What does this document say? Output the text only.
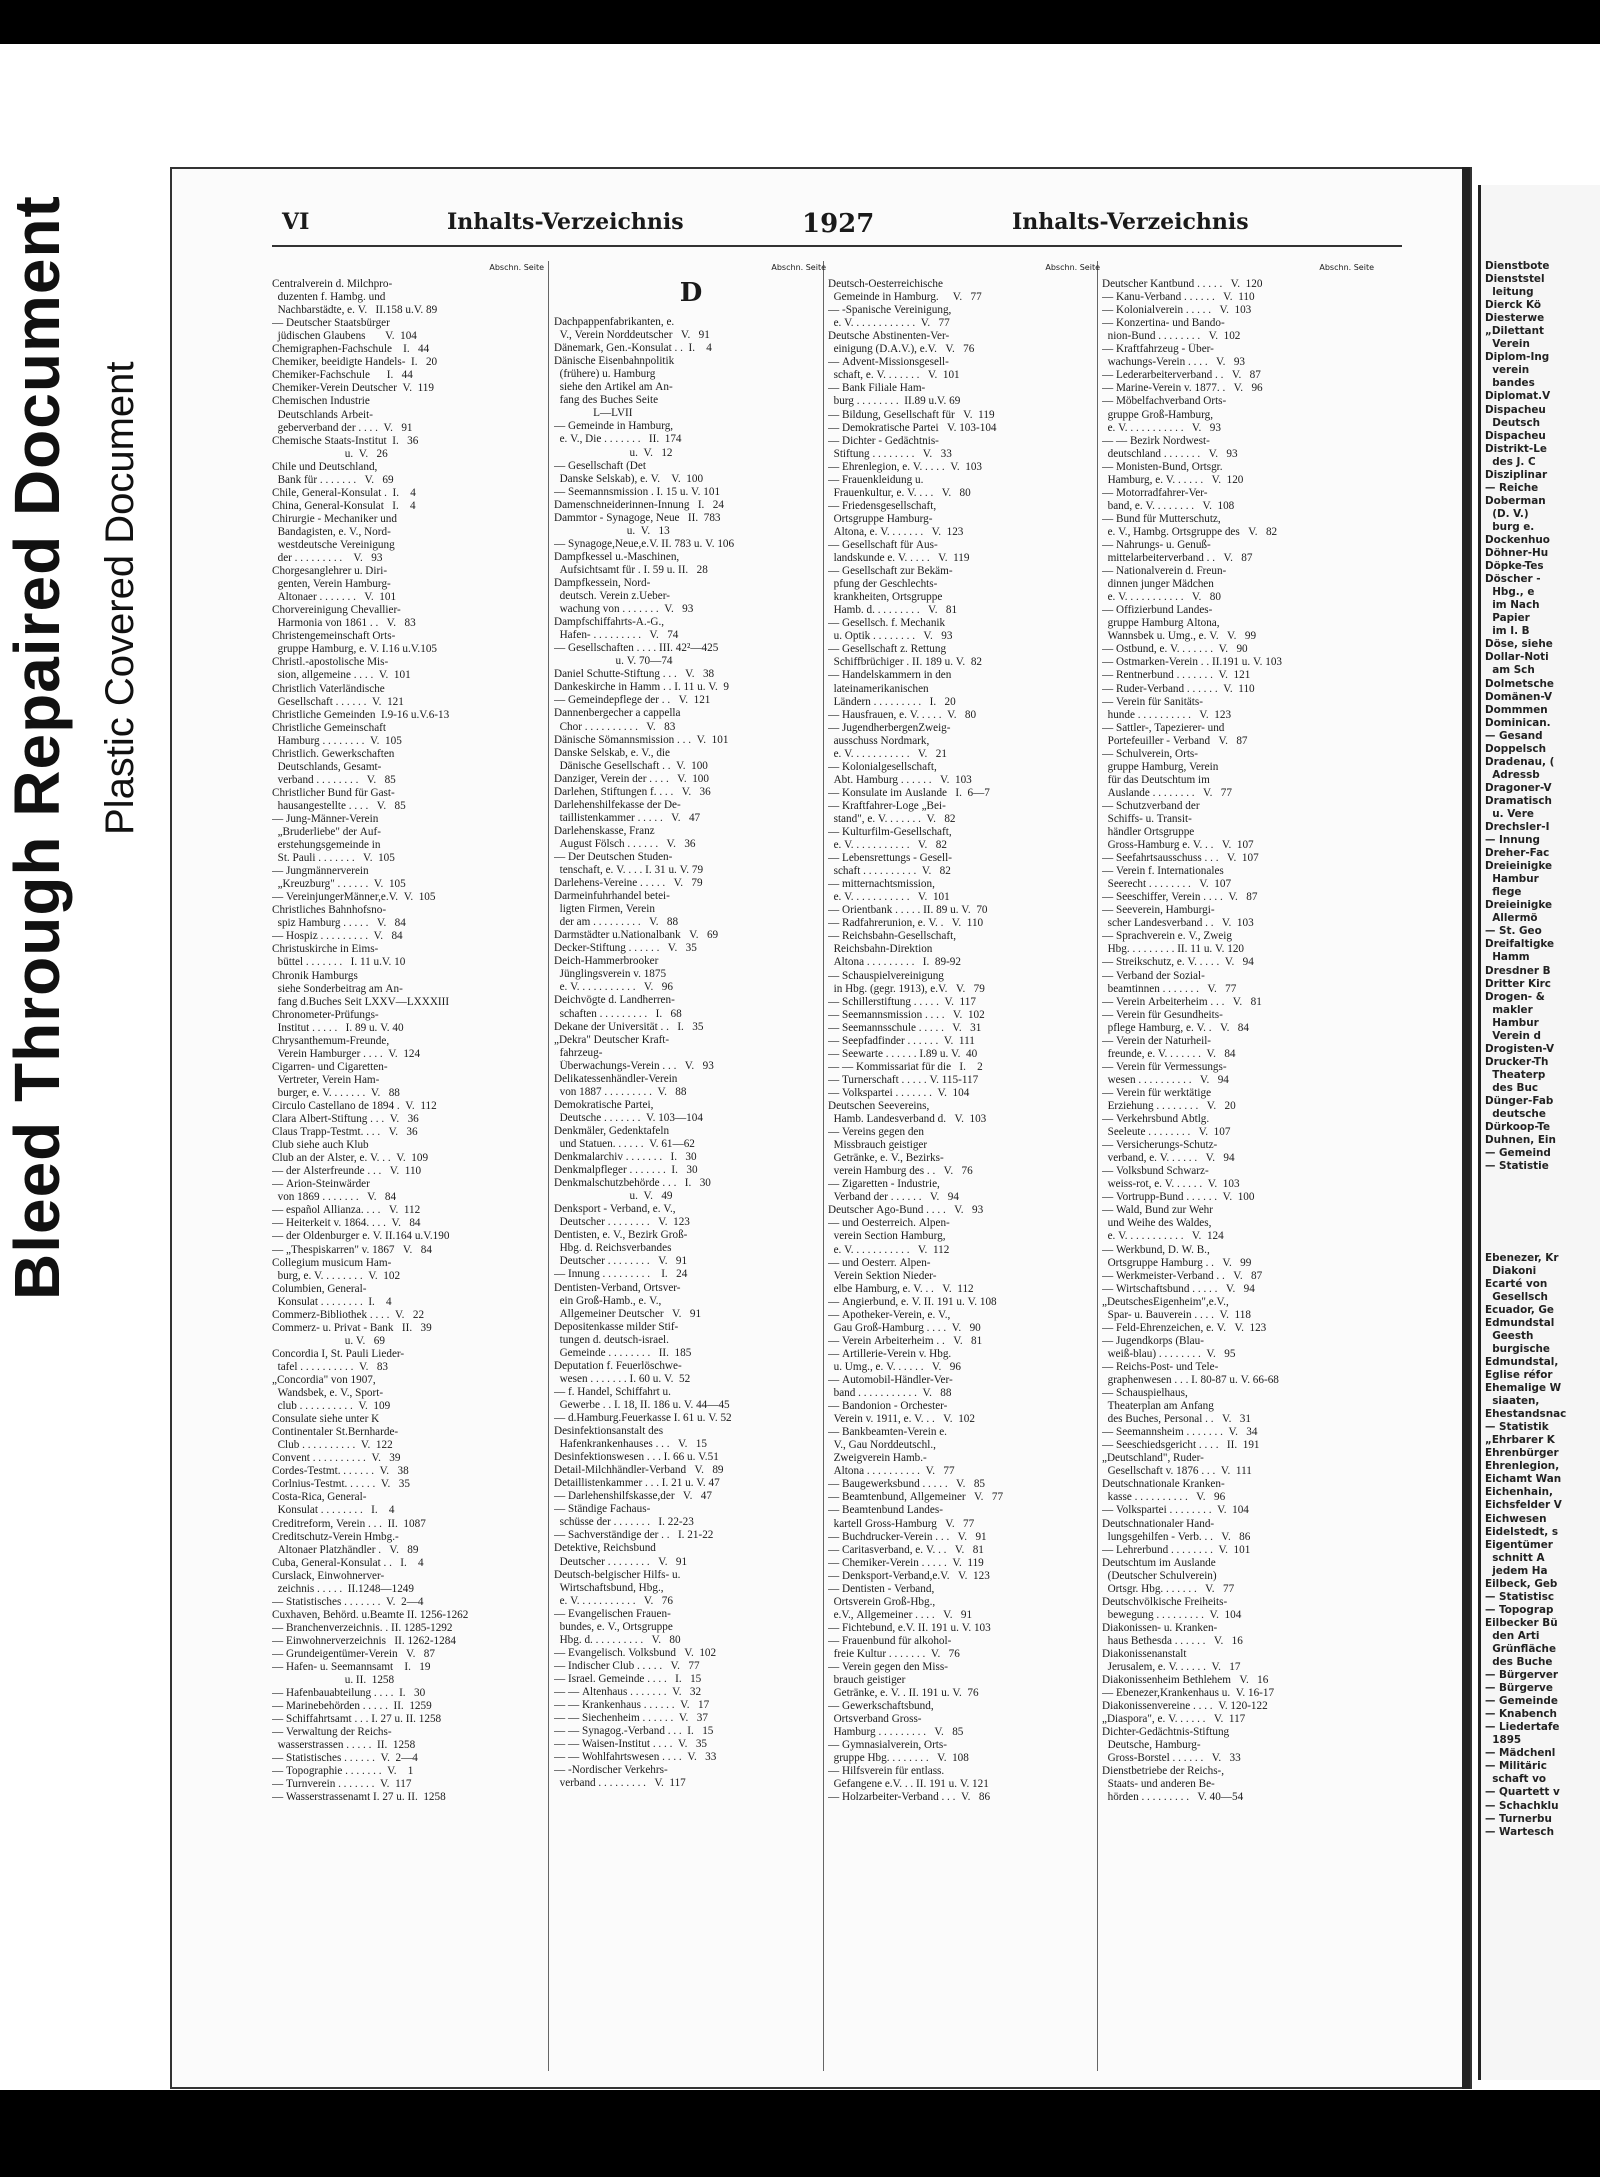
Bleed Through Repaired Document Plastic Covered Document
Dienstbote
Dienststel
leitung
Dierck Kö
Diesterwe
„Dilettant
Verein
Diplom-Ing
verein
bandes
Diplomat.V
Dispacheu
Deutsch
Dispacheu
Distrikt-Le
des J. C
Disziplinar
— Reiche
Doberman
(D. V.)
burg e.
Dockenhuo
Döhner-Hu
Döpke-Tes
Döscher -
Hbg., e
im Nach
Papier
im I. B
Döse, siehe
Dollar-Noti
am Sch
Dolmetsche
Domänen-V
Dommmen
Dominican.
— Gesand
Doppelsch
Dradenau, (
Adressb
Dragoner-V
Dramatisch
u. Vere
Drechsler-I
— Innung
Dreher-Fac
Dreieinigke
Hambur
flege
Dreieinigke
Allermö
— St. Geo
Dreifaltigke
Hamm
Dresdner B
Dritter Kirc
Drogen- &
makler
Hambur
Verein d
Drogisten-V
Drucker-Th
Theaterp
des Buc
Dünger-Fab
deutsche
Dürkoop-Te
Duhnen, Ein
— Gemeind
— Statistie

Ebenezer, Kr
Diakoni
Ecarté von
Gesellsch
Ecuador, Ge
Edmundstal
Geesth
burgische
Edmundstal,
Eglise réfor
Ehemalige W
siaaten,
Ehestandsnac
— Statistik
„Ehrbarer K
Ehrenbürger
Ehrenlegion,
Eichamt Wan
Eichenhain,
Eichsfelder V
Eichwesen
Eidelstedt, s
Eigentümer
schnitt A
jedem Ha
Eilbeck, Geb
— Statistisc
— Topograp
Eilbecker Bü
den Arti
Grünfläche
des Buche
— Bürgerver
— Bürgerve
— Gemeinde
— Knabench
— Liedertafe
1895
— Mädchenl
— Militäric
schaft vo
— Quartett v
— Schachklu
— Turnerbu
— Wartesch
VI	Inhalts-Verzeichnis	1927	Inhalts-Verzeichnis
Abschn. Seite
Centralverein d. Milchpro-
duzenten f. Hambg. und
Nachbarstädte, e. V.   II.158 u.V. 89
— Deutscher Staatsbürger
jüdischen Glaubens       V.  104
Chemigraphen-Fachschule    I.   44
Chemiker, beeidigte Handels-  I.   20
Chemiker-Fachschule      I.   44
Chemiker-Verein Deutscher  V.  119
Chemischen Industrie
Deutschlands Arbeit-
geberverband der . . . .  V.   91
Chemische Staats-Institut  I.   36
u.  V.   26
Chile und Deutschland,
Bank für . . . . . . .   V.   69
Chile, General-Konsulat .  I.    4
China, General-Konsulat   I.    4
Chirurgie - Mechaniker und
Bandagisten, e. V., Nord-
westdeutsche Vereinigung
der . . . . . . . . .    V.   93
Chorgesanglehrer u. Diri-
genten, Verein Hamburg-
Altonaer . . . . . . .   V.  101
Chorvereinigung Chevallier-
Harmonia von 1861 . .   V.   83
Christengemeinschaft Orts-
gruppe Hamburg, e. V. I.16 u.V.105
Christl.-apostolische Mis-
sion, allgemeine . . . .  V.  101
Christlich Vaterländische
Gesellschaft . . . . . .  V.  121
Christliche Gemeinden  I.9-16 u.V.6-13
Christliche Gemeinschaft
Hamburg . . . . . . . .  V.  105
Christlich. Gewerkschaften
Deutschlands, Gesamt-
verband . . . . . . . .   V.   85
Christlicher Bund für Gast-
hausangestellte . . . .   V.   85
— Jung-Männer-Verein
„Bruderliebe" der Auf-
erstehungsgemeinde in
St. Pauli . . . . . . .   V.  105
— Jungmännerverein
„Kreuzburg" . . . . . .  V.  105
— VereinjungerMänner,e.V.  V.  105
Christliches Bahnhofsno-
spiz Hamburg . . . . .   V.   84
— Hospiz . . . . . . . . .  V.   84
Christuskirche in Eims-
büttel . . . . . . .   I. 11 u.V. 10
Chronik Hamburgs
siehe Sonderbeitrag am An-
fang d.Buches Seit LXXV—LXXXIII
Chronometer-Prüfungs-
Institut . . . . .   I. 89 u. V. 40
Chrysanthemum-Freunde,
Verein Hamburger . . . .  V.  124
Cigarren- und Cigaretten-
Vertreter, Verein Ham-
burger, e. V. . . . . . .  V.   88
Circulo Castellano de 1894 .  V.  112
Clara Albert-Stiftung . . .  V.   36
Claus Trapp-Testmt. . . .   V.   36
Club siehe auch Klub
Club an der Alster, e. V. . .  V.  109
— der Alsterfreunde . . .   V.  110
— Arion-Steinwärder
von 1869 . . . . . . .   V.   84
— español Allianza. . . .   V.  112
— Heiterkeit v. 1864. . . .  V.   84
— der Oldenburger e. V. II.164 u.V.190
— „Thespiskarren" v. 1867   V.   84
Collegium musicum Ham-
burg, e. V. . . . . . . .  V.  102
Columbien, General-
Konsulat . . . . . . . .  I.    4
Commerz-Bibliothek . . . .  V.   22
Commerz- u. Privat - Bank   II.   39
u. V.   69
Concordia I, St. Pauli Lieder-
tafel . . . . . . . . . .  V.   83
„Concordia" von 1907,
Wandsbek, e. V., Sport-
club . . . . . . . . . .  V.  109
Consulate siehe unter K
Continentaler St.Bernharde-
Club . . . . . . . . . .  V.  122
Convent . . . . . . . . . .  V.   39
Cordes-Testmt. . . . . . .  V.   38
Corlnius-Testmt. . . . . .  V.   35
Costa-Rica, General-
Konsulat . . . . . . . .   I.    4
Creditreform, Verein . . .  II.  1087
Creditschutz-Verein Hmbg.-
Altonaer Platzhändler .   V.   89
Cuba, General-Konsulat . .   I.    4
Curslack, Einwohnerver-
zeichnis . . . . .  II.1248—1249
— Statistisches . . . . . . .  V.  2—4
Cuxhaven, Behörd. u.Beamte II. 1256-1262
— Branchenverzeichnis. . II. 1285-1292
— Einwohnerverzeichnis   II. 1262-1284
— Grundeigentümer-Verein   V.   87
— Hafen- u. Seemannsamt    I.   19
u. II.  1258
— Hafenbauabteilung . . . .  I.   30
— Marinebehörden . . . . .  II.  1259
— Schiffahrtsamt . . . I. 27 u. II. 1258
— Verwaltung der Reichs-
wasserstrassen . . . . .  II.  1258
— Statistisches . . . . . .  V.  2—4
— Topographie . . . . . . .  V.    1
— Turnverein . . . . . . .  V.  117
— Wasserstrassenamt I. 27 u. II.  1258
Abschn. Seite
D
Dachpappenfabrikanten, e.
V., Verein Norddeutscher   V.   91
Dänemark, Gen.-Konsulat . .  I.    4
Dänische Eisenbahnpolitik
(frühere) u. Hamburg
siehe den Artikel am An-
fang des Buches Seite
L—LVII
— Gemeinde in Hamburg,
e. V., Die . . . . . . .   II.  174
u.  V.   12
— Gesellschaft (Det
Danske Selskab), e. V.    V.  100
— Seemannsmission . I. 15 u. V. 101
Damenschneiderinnen-Innung   I.   24
Dammtor - Synagoge, Neue   II.  783
u.  V.   13
— Synagoge,Neue,e.V. II. 783 u. V. 106
Dampfkessel u.-Maschinen,
Aufsichtsamt für . I. 59 u. II.   28
Dampfkessein, Nord-
deutsch. Verein z.Ueber-
wachung von . . . . . . .  V.   93
Dampfschiffahrts-A.-G.,
Hafen- . . . . . . . . .   V.   74
— Gesellschaften . . . . III. 42²—425
u. V. 70—74
Daniel Schutte-Stiftung . . .   V.   38
Dankeskirche in Hamm . . I. 11 u. V.  9
— Gemeindepflege der . .   V.  121
Dannenbergecher a cappella
Chor . . . . . . . . . .   V.   83
Dänische Sömannsmission . . .  V.  101
Danske Selskab, e. V., die
Dänische Gesellschaft . .  V.  100
Danziger, Verein der . . . .   V.  100
Darlehen, Stiftungen f. . . .   V.   36
Darlehenshilfekasse der De-
taillistenkammer . . . . .   V.   47
Darlehenskasse, Franz
August Fölsch . . . . . .   V.   36
— Der Deutschen Studen-
tenschaft, e. V. . . . I. 31 u. V. 79
Darlehens-Vereine . . . . .   V.   79
Darmeinfuhrhandel betei-
ligten Firmen, Verein
der am . . . . . . . . .   V.   88
Darmstädter u.Nationalbank   V.   69
Decker-Stiftung . . . . . .   V.   35
Deich-Hammerbrooker
Jünglingsverein v. 1875
e. V. . . . . . . . . . .   V.   96
Deichvögte d. Landherren-
schaften . . . . . . . . .   I.   68
Dekane der Universität . .   I.   35
„Dekra" Deutscher Kraft-
fahrzeug-
Überwachungs-Verein . . .   V.   93
Delikatessenhändler-Verein
von 1887 . . . . . . . . .  V.   88
Demokratische Partei,
Deutsche . . . . . . .  V. 103—104
Denkmäler, Gedenktafeln
und Statuen. . . . . .  V. 61—62
Denkmalarchiv . . . . . . .   I.   30
Denkmalpfleger . . . . . . .  I.   30
Denkmalschutzbehörde . . .   I.   30
u.  V.   49
Denksport - Verband, e. V.,
Deutscher . . . . . . . .   V.  123
Dentisten, e. V., Bezirk Groß-
Hbg. d. Reichsverbandes
Deutscher . . . . . . . .   V.   91
— Innung . . . . . . . . .    I.   24
Dentisten-Verband, Ortsver-
ein Groß-Hamb., e. V.,
Allgemeiner Deutscher   V.   91
Depositenkasse milder Stif-
tungen d. deutsch-israel.
Gemeinde . . . . . . . .   II.  185
Deputation f. Feuerlöschwe-
wesen . . . . . . . I. 60 u. V.  52
— f. Handel, Schiffahrt u.
Gewerbe . . I. 18, II. 186 u. V. 44—45
— d.Hamburg.Feuerkasse I. 61 u. V. 52
Desinfektionsanstalt des
Hafenkrankenhauses . . .   V.   15
Desinfektionswesen . . . I. 66 u. V.51
Detail-Milchhändler-Verband   V.   89
Detaillistenkammer . . . I. 21 u. V. 47
— Darlehenshilfskasse,der   V.   47
— Ständige Fachaus-
schüsse der . . . . . . .   I. 22-23
— Sachverständige der . .   I. 21-22
Detektive, Reichsbund
Deutscher . . . . . . . .   V.   91
Deutsch-belgischer Hilfs- u.
Wirtschaftsbund, Hbg.,
e. V. . . . . . . . . . .   V.   76
— Evangelischen Frauen-
bundes, e. V., Ortsgruppe
Hbg. d. . . . . . . . . .   V.   80
— Evangelisch. Volksbund   V.  102
— Indischer Club . . . . .   V.   77
— Israel. Gemeinde . . . .   I.   15
— — Altenhaus . . . . . . .  V.   32
— — Krankenhaus . . . . . .  V.   17
— — Siechenheim . . . . . .  V.   37
— — Synagog.-Verband . . .  I.   15
— — Waisen-Institut . . . .  V.   35
— — Wohlfahrtswesen . . . .  V.   33
— -Nordischer Verkehrs-
verband . . . . . . . . .   V.  117
Abschn. Seite
Deutsch-Oesterreichische
Gemeinde in Hamburg.     V.   77
— -Spanische Vereinigung,
e. V. . . . . . . . . . . .  V.   77
Deutsche Abstinenten-Ver-
einigung (D.A.V.), e.V.   V.   76
— Advent-Missionsgesell-
schaft, e. V. . . . . . .   V.  101
— Bank Filiale Ham-
burg . . . . . . . .  II.89 u.V. 69
— Bildung, Gesellschaft für   V.  119
— Demokratische Partei   V. 103-104
— Dichter - Gedächtnis-
Stiftung . . . . . . . .   V.   33
— Ehrenlegion, e. V. . . . .  V.  103
— Frauenkleidung u.
Frauenkultur, e. V. . . .   V.   80
— Friedensgesellschaft,
Ortsgruppe Hamburg-
Altona, e. V. . . . . . .   V.  123
— Gesellschaft für Aus-
landskunde e. V. . . . .   V.  119
— Gesellschaft zur Bekäm-
pfung der Geschlechts-
krankheiten, Ortsgruppe
Hamb. d. . . . . . . . .   V.   81
— Gesellsch. f. Mechanik
u. Optik . . . . . . . .   V.   93
— Gesellschaft z. Rettung
Schiffbrüchiger . II. 189 u. V.  82
— Handelskammern in den
lateinamerikanischen
Ländern . . . . . . . . .   I.   20
— Hausfrauen, e. V. . . . .  V.   80
— JugendherbergenZweig-
ausschuss Nordmark,
e. V. . . . . . . . . . .   V.   21
— Kolonialgesellschaft,
Abt. Hamburg . . . . . .   V.  103
— Konsulate im Auslande   I.  6—7
— Kraftfahrer-Loge „Bei-
stand", e. V. . . . . . .  V.   82
— Kulturfilm-Gesellschaft,
e. V. . . . . . . . . . .   V.   82
— Lebensrettungs - Gesell-
schaft . . . . . . . . . .  V.   82
— mitternachtsmission,
e. V. . . . . . . . . . .   V.  101
— Orientbank . . . . . II. 89 u. V.  70
— Radfahrerunion, e. V. .   V.  110
— Reichsbahn-Gesellschaft,
Reichsbahn-Direktion
Altona . . . . . . . . .   I.  89-92
— Schauspielvereinigung
in Hbg. (gegr. 1913), e.V.   V.   79
— Schillerstiftung . . . . .  V.  117
— Seemannsmission . . . .   V.  102
— Seemannsschule . . . . .   V.   31
— Seepfadfinder . . . . . .  V.  111
— Seewarte . . . . . . I.89 u. V.  40
— — Kommissariat für die   I.    2
— Turnerschaft . . . . . V. 115-117
— Volkspartei . . . . . . .  V.  104
Deutschen Seevereins,
Hamb. Landesverband d.   V.  103
— Vereins gegen den
Missbrauch geistiger
Getränke, e. V., Bezirks-
verein Hamburg des . .   V.   76
— Zigaretten - Industrie,
Verband der . . . . . .   V.   94
Deutscher Ago-Bund . . . .   V.   93
— und Oesterreich. Alpen-
verein Section Hamburg,
e. V. . . . . . . . . . .   V.  112
— und Oesterr. Alpen-
Verein Sektion Nieder-
elbe Hamburg, e. V. . .   V.  112
— Angierbund, e. V. II. 191 u. V. 108
— Apotheker-Verein, e. V.,
Gau Groß-Hamburg . . . .  V.   90
— Verein Arbeiterheim . .   V.   81
— Artillerie-Verein v. Hbg.
u. Umg., e. V. . . . . .   V.   96
— Automobil-Händler-Ver-
band . . . . . . . . . . .  V.   88
— Bandonion - Orchester-
Verein v. 1911, e. V. . .   V.  102
— Bankbeamten-Verein e.
V., Gau Norddeutschl.,
Zweigverein Hamb.-
Altona . . . . . . . . . .  V.   77
— Baugewerksbund . . . . .   V.   85
— Beamtenbund, Allgemeiner   V.   77
— Beamtenbund Landes-
kartell Gross-Hamburg   V.   77
— Buchdrucker-Verein . . .   V.   91
— Caritasverband, e. V. . .   V.   81
— Chemiker-Verein . . . . .  V.  119
— Denksport-Verband,e.V.   V.  123
— Dentisten - Verband,
Ortsverein Groß-Hbg.,
e.V., Allgemeiner . . . .   V.   91
— Fichtebund, e.V. II. 191 u. V. 103
— Frauenbund für alkohol-
freie Kultur . . . . . . .  V.   76
— Verein gegen den Miss-
brauch geistiger
Getränke, e. V. . II. 191 u. V.  76
— Gewerkschaftsbund,
Ortsverband Gross-
Hamburg . . . . . . . . .   V.   85
— Gymnasialverein, Orts-
gruppe Hbg. . . . . . . .   V.  108
— Hilfsverein für entlass.
Gefangene e.V. . . II. 191 u. V. 121
— Holzarbeiter-Verband . . .  V.   86
Abschn. Seite
Deutscher Kantbund . . . . .   V.  120
— Kanu-Verband . . . . . .   V.  110
— Kolonialverein . . . . .   V.  103
— Konzertina- und Bando-
nion-Bund . . . . . . . .   V.  102
— Kraftfahrzeug - Über-
wachungs-Verein . . . .   V.   93
— Lederarbeiterverband . .   V.   87
— Marine-Verein v. 1877. .   V.   96
— Möbelfachverband Orts-
gruppe Groß-Hamburg,
e. V. . . . . . . . . . .   V.   93
— — Bezirk Nordwest-
deutschland . . . . . . .   V.   93
— Monisten-Bund, Ortsgr.
Hamburg, e. V. . . . . .   V.  120
— Motorradfahrer-Ver-
band, e. V. . . . . . . .   V.  108
— Bund für Mutterschutz,
e. V., Hambg. Ortsgruppe des   V.   82
— Nahrungs- u. Genuß-
mittelarbeiterverband . .   V.   87
— Nationalverein d. Freun-
dinnen junger Mädchen
e. V. . . . . . . . . . .   V.   80
— Offizierbund Landes-
gruppe Hamburg Altona,
Wannsbek u. Umg., e. V.   V.   99
— Ostbund, e. V. . . . . . .  V.   90
— Ostmarken-Verein . . II.191 u. V. 103
— Rentnerbund . . . . . . .  V.  121
— Ruder-Verband . . . . . .  V.  110
— Verein für Sanitäts-
hunde . . . . . . . . . .   V.  123
— Sattler-, Tapezierer- und
Portefeuiller - Verband   V.   87
— Schulverein, Orts-
gruppe Hamburg, Verein
für das Deutschtum im
Auslande . . . . . . . .   V.   77
— Schutzverband der
Schiffs- u. Transit-
händler Ortsgruppe
Gross-Hamburg e. V. . .   V.  107
— Seefahrtsausschuss . . .   V.  107
— Verein f. Internationales
Seerecht . . . . . . . .   V.  107
— Seeschiffer, Verein . . . .  V.   87
— Seeverein, Hamburgi-
scher Landesverband . .   V.  103
— Sprachverein e. V., Zweig
Hbg. . . . . . . . . II. 11 u. V. 120
— Streikschutz, e. V. . . . .  V.   94
— Verband der Sozial-
beamtinnen . . . . . . .   V.   77
— Verein Arbeiterheim . . .   V.   81
— Verein für Gesundheits-
pflege Hamburg, e. V. .   V.   84
— Verein der Naturheil-
freunde, e. V. . . . . . .  V.   84
— Verein für Vermessungs-
wesen . . . . . . . . . .   V.   94
— Verein für werktätige
Erziehung . . . . . . . .   V.   20
— Verkehrsbund Abtlg.
Seeleute . . . . . . . .   V.  107
— Versicherungs-Schutz-
verband, e. V. . . . . .   V.   94
— Volksbund Schwarz-
weiss-rot, e. V. . . . . .  V.  103
— Vortrupp-Bund . . . . . .  V.  100
— Wald, Bund zur Wehr
und Weihe des Waldes,
e. V. . . . . . . . . . .   V.  124
— Werkbund, D. W. B.,
Ortsgruppe Hamburg . .   V.   99
— Werkmeister-Verband . .   V.   87
— Wirtschaftsbund . . . . .   V.   94
„DeutschesEigenheim",e.V.,
Spar- u. Bauverein . . . .  V.  118
— Feld-Ehrenzeichen, e. V.   V.  123
— Jugendkorps (Blau-
weiß-blau) . . . . . . . .  V.   95
— Reichs-Post- und Tele-
graphenwesen . . . I. 80-87 u. V. 66-68
— Schauspielhaus,
Theaterplan am Anfang
des Buches, Personal . .   V.   31
— Seemannsheim . . . . . . .  V.   34
— Seeschiedsgericht . . . .   II.  191
„Deutschland", Ruder-
Gesellschaft v. 1876 . . .  V.  111
Deutschnationale Kranken-
kasse . . . . . . . . . .   V.   96
— Volkspartei . . . . . . . .  V.  104
Deutschnationaler Hand-
lungsgehilfen - Verb. . .   V.   86
— Lehrerbund . . . . . . . .  V.  101
Deutschtum im Auslande
(Deutscher Schulverein)
Ortsgr. Hbg. . . . . . .   V.   77
Deutschvölkische Freiheits-
bewegung . . . . . . . . .  V.  104
Diakonissen- u. Kranken-
haus Bethesda . . . . . .   V.   16
Diakonissenanstalt
Jerusalem, e. V. . . . . .  V.   17
Diakonissenheim Bethlehem   V.   16
— Ebenezer,Krankenhaus u.  V. 16-17
Diakonissenvereine . . . .  V. 120-122
„Diaspora", e. V. . . . . .   V.  117
Dichter-Gedächtnis-Stiftung
Deutsche, Hamburg-
Gross-Borstel . . . . . .   V.   33
Dienstbetriebe der Reichs-,
Staats- und anderen Be-
hörden . . . . . . . . .   V. 40—54
